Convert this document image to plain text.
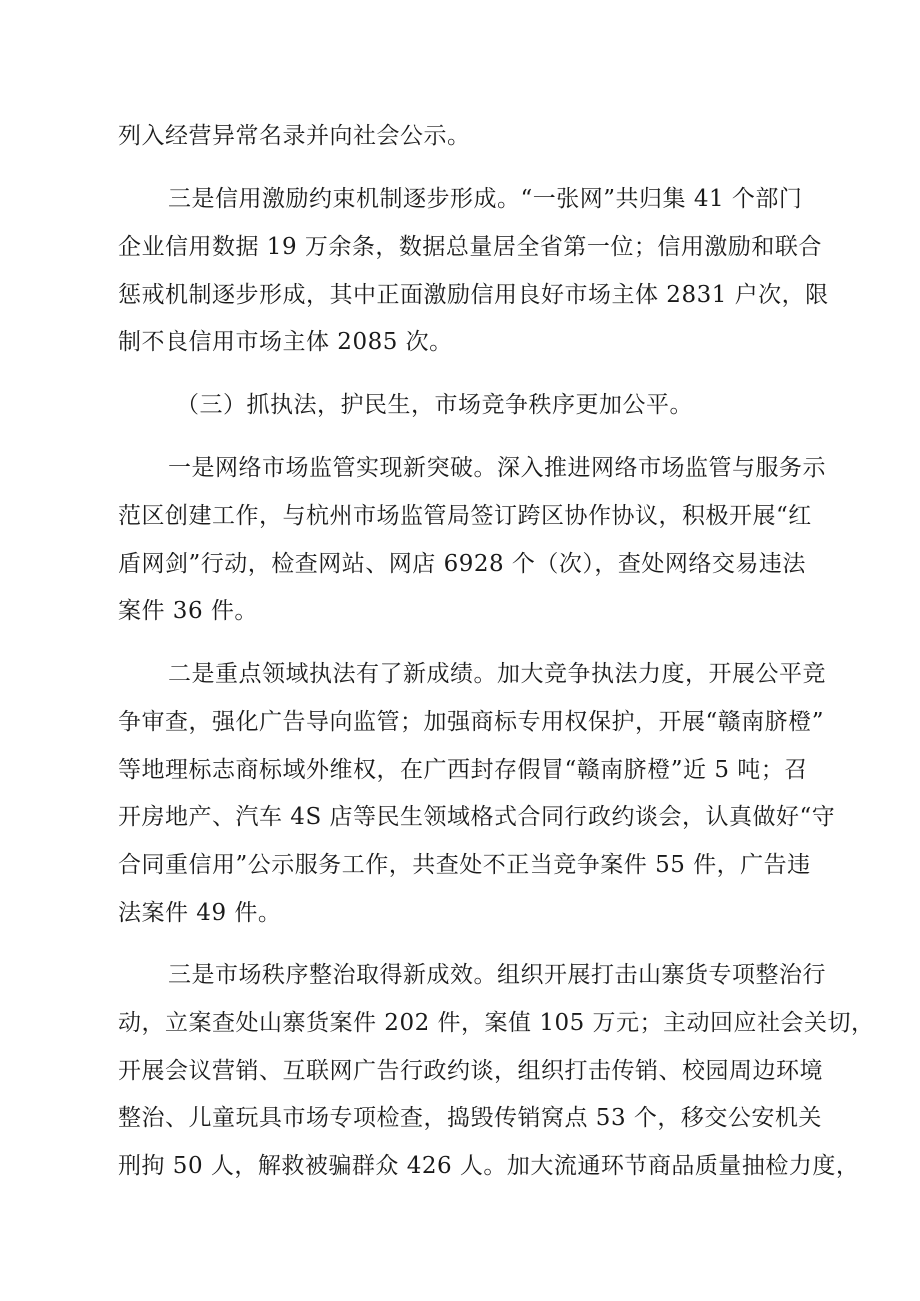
列入经营异常名录并向社会公示。
三是信用激励约束机制逐步形成。“一张网”共归集 41 个部门
企业信用数据 19 万余条，数据总量居全省第一位；信用激励和联合
惩戒机制逐步形成，其中正面激励信用良好市场主体 2831 户次，限
制不良信用市场主体 2085 次。
（三）抓执法，护民生，市场竞争秩序更加公平。
一是网络市场监管实现新突破。深入推进网络市场监管与服务示
范区创建工作，与杭州市场监管局签订跨区协作协议，积极开展“红
盾网剑”行动，检查网站、网店 6928 个（次），查处网络交易违法
案件 36 件。
二是重点领域执法有了新成绩。加大竞争执法力度，开展公平竞
争审查，强化广告导向监管；加强商标专用权保护，开展“赣南脐橙”
等地理标志商标域外维权，在广西封存假冒“赣南脐橙”近 5 吨；召
开房地产、汽车 4S 店等民生领域格式合同行政约谈会，认真做好“守
合同重信用”公示服务工作，共查处不正当竞争案件 55 件，广告违
法案件 49 件。
三是市场秩序整治取得新成效。组织开展打击山寨货专项整治行
动，立案查处山寨货案件 202 件，案值 105 万元；主动回应社会关切，
开展会议营销、互联网广告行政约谈，组织打击传销、校园周边环境
整治、儿童玩具市场专项检查，捣毁传销窝点 53 个，移交公安机关
刑拘 50 人，解救被骗群众 426 人。加大流通环节商品质量抽检力度，
